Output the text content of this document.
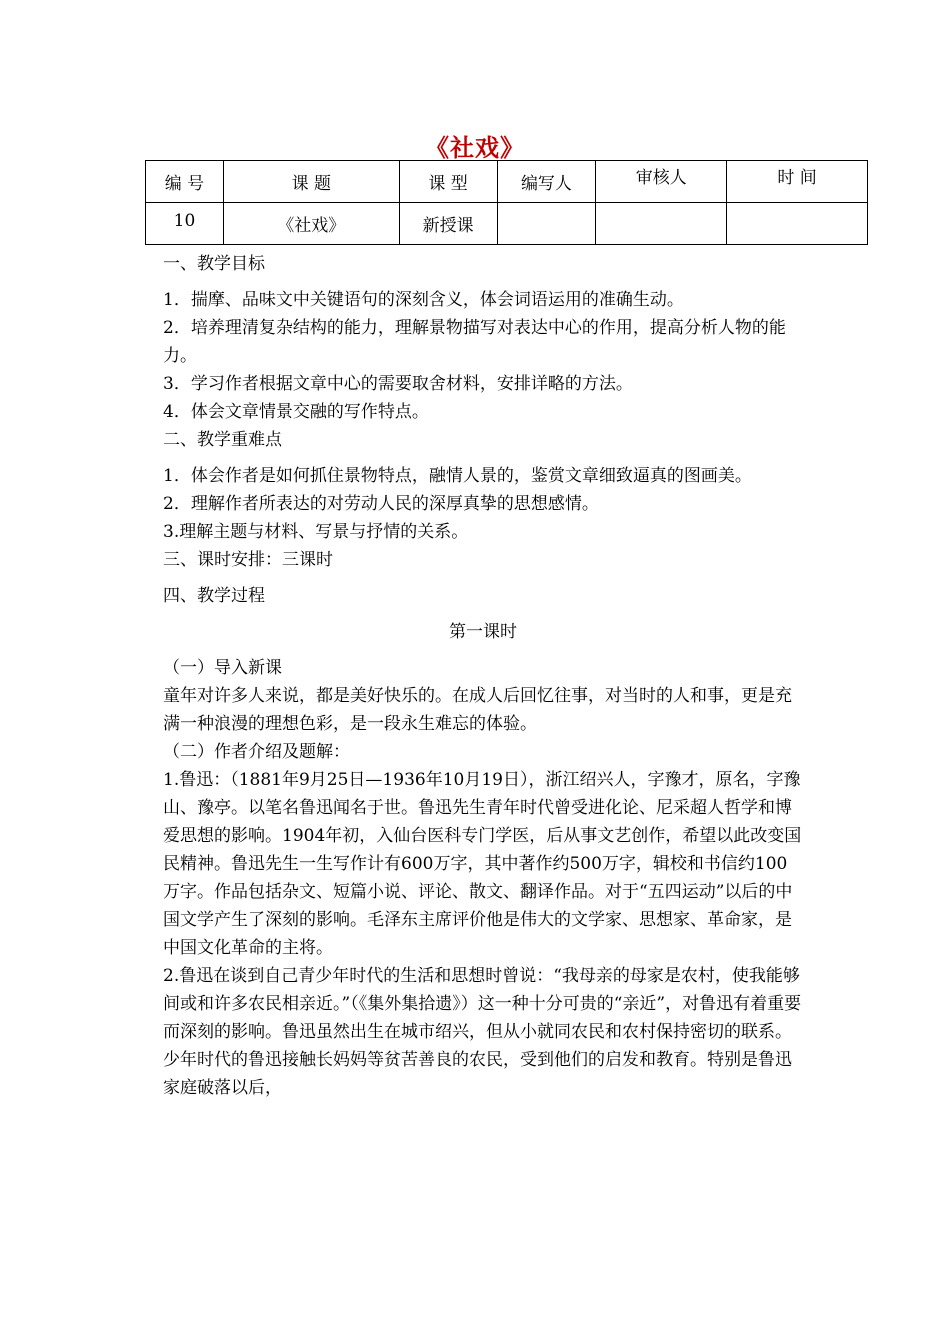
《社戏》
编 号	课 题	课 型	编写人	审核人	时 间
10	《社戏》	新授课			

一、教学目标

1．揣摩、品味文中关键语句的深刻含义，体会词语运用的准确生动。

2．培养理清复杂结构的能力，理解景物描写对表达中心的作用，提高分析人物的能力。

3．学习作者根据文章中心的需要取舍材料，安排详略的方法。

4．体会文章情景交融的写作特点。

二、教学重难点

1．体会作者是如何抓住景物特点，融情人景的，鉴赏文章细致逼真的图画美。

2．理解作者所表达的对劳动人民的深厚真挚的思想感情。

3.理解主题与材料、写景与抒情的关系。

三、课时安排：三课时

四、教学过程

第一课时

（一）导入新课

童年对许多人来说，都是美好快乐的。在成人后回忆往事，对当时的人和事，更是充满一种浪漫的理想色彩，是一段永生难忘的体验。

（二）作者介绍及题解：

1.鲁迅：（1881年9月25日—1936年10月19日），浙江绍兴人，字豫才，原名，字豫山、豫亭。以笔名鲁迅闻名于世。鲁迅先生青年时代曾受进化论、尼采超人哲学和博爱思想的影响。1904年初，入仙台医科专门学医，后从事文艺创作，希望以此改变国民精神。鲁迅先生一生写作计有600万字，其中著作约500万字，辑校和书信约100万字。作品包括杂文、短篇小说、评论、散文、翻译作品。对于“五四运动”以后的中国文学产生了深刻的影响。毛泽东主席评价他是伟大的文学家、思想家、革命家，是中国文化革命的主将。

2.鲁迅在谈到自己青少年时代的生活和思想时曾说：“我母亲的母家是农村，使我能够间或和许多农民相亲近。”（《集外集拾遗》）这一种十分可贵的“亲近”，对鲁迅有着重要而深刻的影响。鲁迅虽然出生在城市绍兴，但从小就同农民和农村保持密切的联系。少年时代的鲁迅接触长妈妈等贫苦善良的农民，受到他们的启发和教育。特别是鲁迅家庭破落以后，
